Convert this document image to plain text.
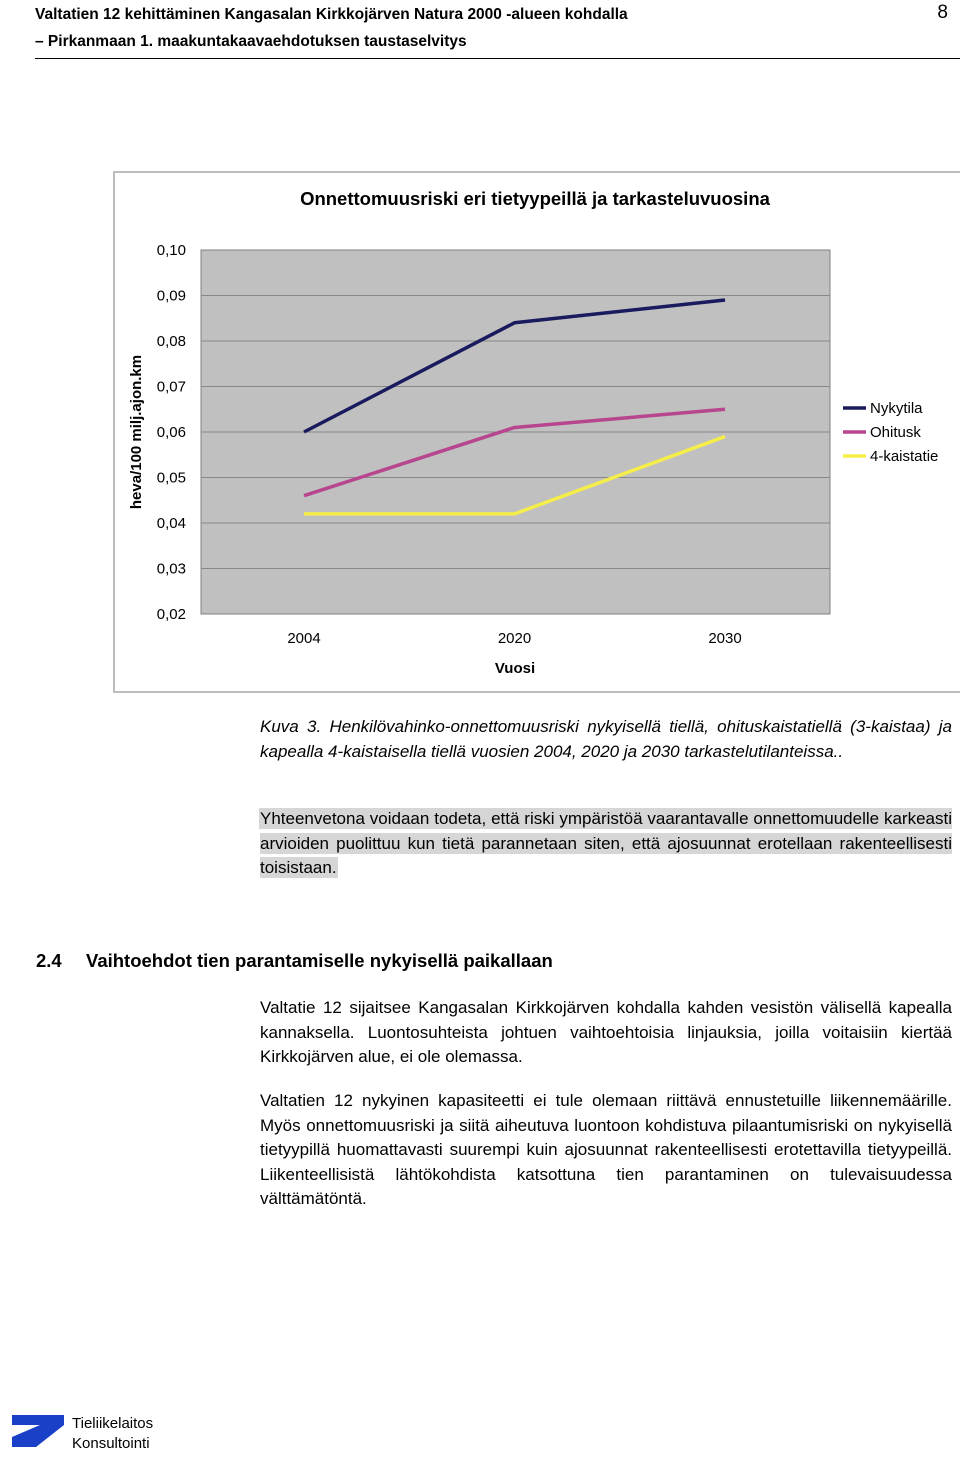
Valtatien 12 kehittäminen Kangasalan Kirkkojärven Natura 2000 -alueen kohdalla
– Pirkanmaan 1. maakuntakaavaehdotuksen taustaselvitys
8
Onnettomuusriski eri tietyypeillä ja tarkasteluvuosina
0,10
0,09
0,08
0,07
0,06
0,05
0,04
0,03
0,02
2004	2020	2030
heva/100 milj.ajon.km
Vuosi
Nykytila
Ohitusk
4-kaistatie
Kuva 3. Henkilövahinko-onnettomuusriski nykyisellä tiellä, ohituskaistatiellä (3-kaistaa) ja kapealla 4-kaistaisella tiellä vuosien 2004, 2020 ja 2030 tarkastelutilanteissa..
Yhteenvetona voidaan todeta, että riski ympäristöä vaarantavalle onnettomuudelle karkeasti arvioiden puolittuu kun tietä parannetaan siten, että ajosuunnat erotellaan rakenteellisesti toisistaan.
2.4 Vaihtoehdot tien parantamiselle nykyisellä paikallaan
Valtatie 12 sijaitsee Kangasalan Kirkkojärven kohdalla kahden vesistön välisellä kapealla kannaksella. Luontosuhteista johtuen vaihtoehtoisia linjauksia, joilla voitaisiin kiertää Kirkkojärven alue, ei ole olemassa.
Valtatien 12 nykyinen kapasiteetti ei tule olemaan riittävä ennustetuille liikennemäärille. Myös onnettomuusriski ja siitä aiheutuva luontoon kohdistuva pilaantumisriski on nykyisellä tietyypillä huomattavasti suurempi kuin ajosuunnat rakenteellisesti erotettavilla tietyypeillä. Liikenteellisistä lähtökohdista katsottuna tien parantaminen on tulevaisuudessa välttämätöntä.
Tieliikelaitos
Konsultointi
